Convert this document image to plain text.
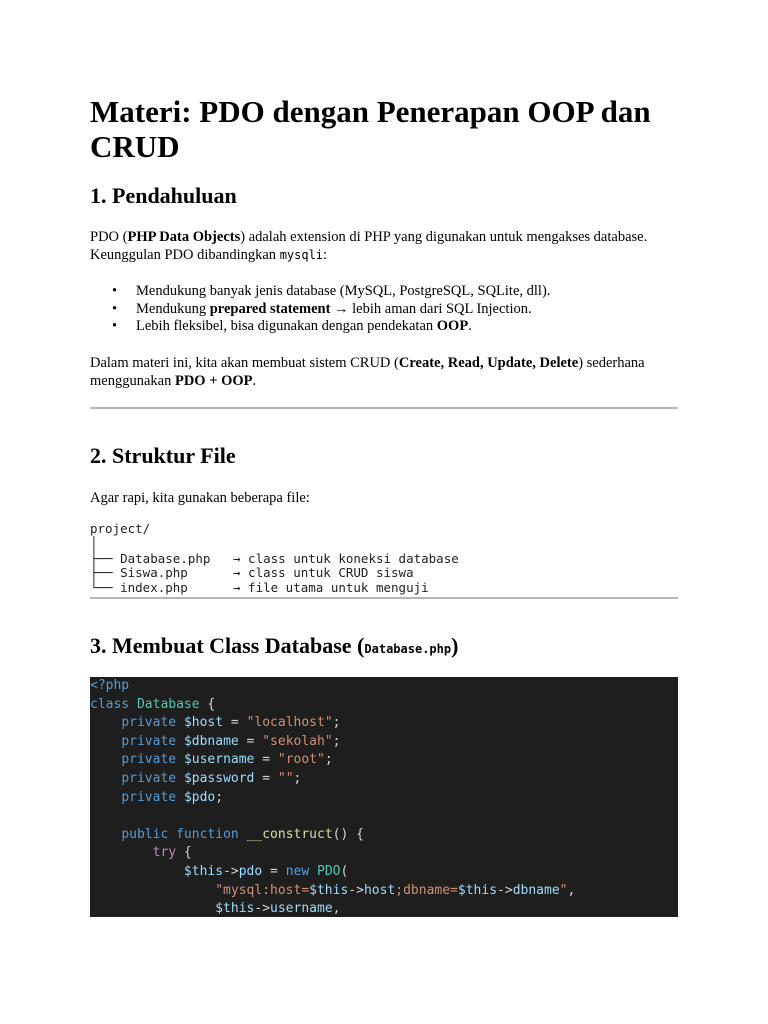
Materi: PDO dengan Penerapan OOP dan CRUD
1. Pendahuluan

PDO (PHP Data Objects) adalah extension di PHP yang digunakan untuk mengakses database. Keunggulan PDO dibandingkan mysqli:

• Mendukung banyak jenis database (MySQL, PostgreSQL, SQLite, dll).
• Mendukung prepared statement → lebih aman dari SQL Injection.
• Lebih fleksibel, bisa digunakan dengan pendekatan OOP.

Dalam materi ini, kita akan membuat sistem CRUD (Create, Read, Update, Delete) sederhana menggunakan PDO + OOP.

2. Struktur File

Agar rapi, kita gunakan beberapa file:

project/
│
├── Database.php   → class untuk koneksi database
├── Siswa.php      → class untuk CRUD siswa
└── index.php      → file utama untuk menguji
3. Membuat Class Database (Database.php)
<?php
class Database {
private $host = "localhost";
private $dbname = "sekolah";
private $username = "root";
private $password = "";
private $pdo;

public function __construct() {
try {
$this->pdo = new PDO(
"mysql:host=$this->host;dbname=$this->dbname",
$this->username,
